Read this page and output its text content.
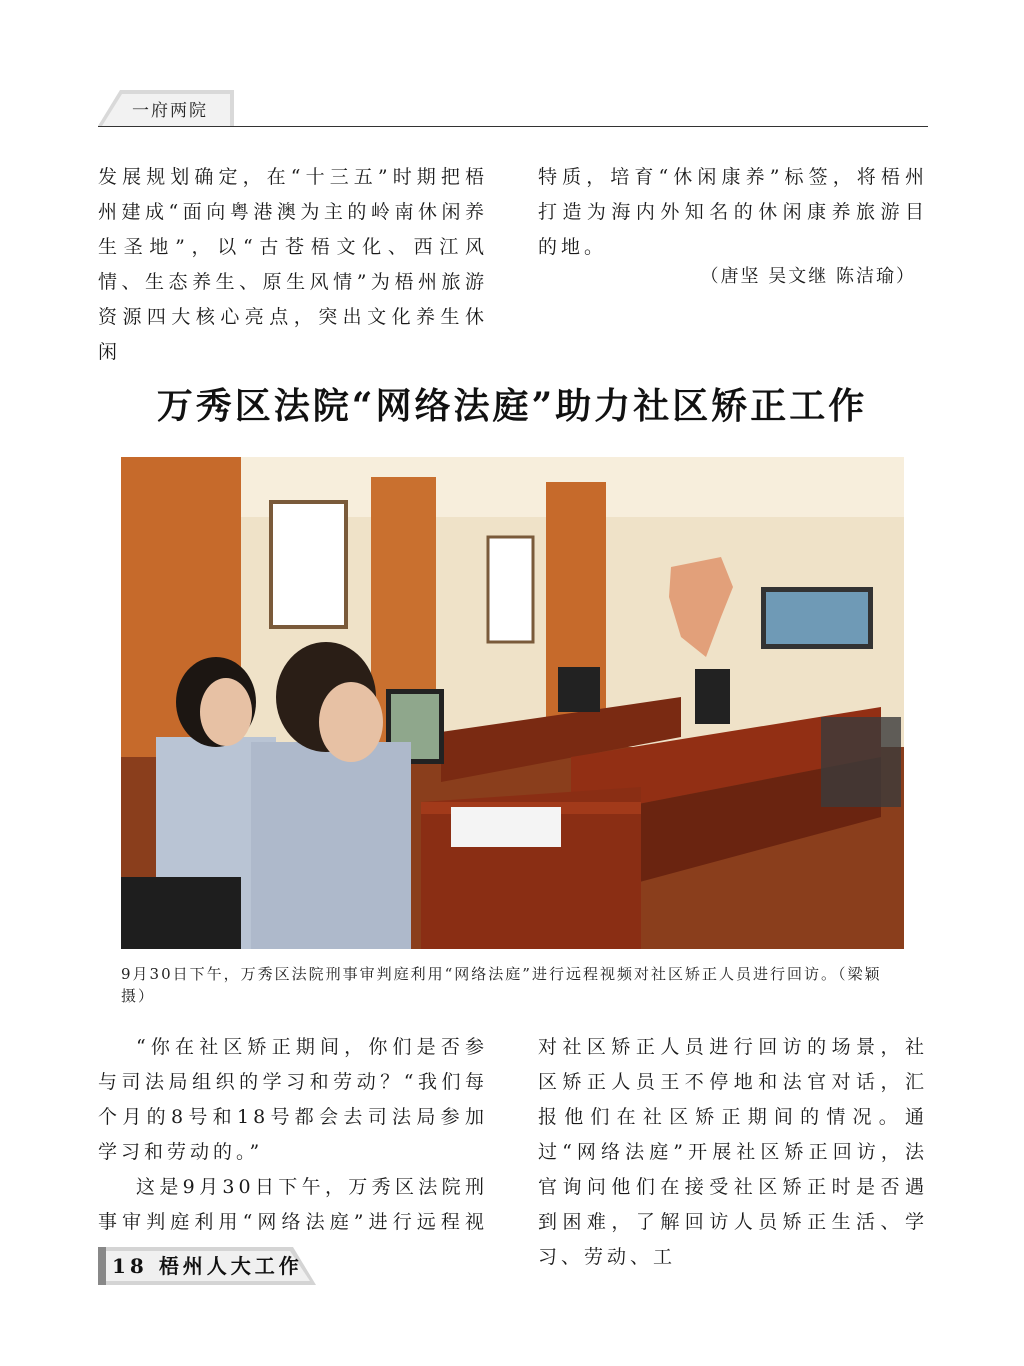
一府两院

发展规划确定，在“十三五”时期把梧州建成“面向粤港澳为主的岭南休闲养生圣地”，以“古苍梧文化、西江风情、生态养生、原生风情”为梧州旅游资源四大核心亮点，突出文化养生休闲

特质，培育“休闲康养”标签，将梧州打造为海内外知名的休闲康养旅游目的地。

（唐坚 吴文继 陈洁瑜）
万秀区法院“网络法庭”助力社区矫正工作
9月30日下午，万秀区法院刑事审判庭利用“网络法庭”进行远程视频对社区矫正人员进行回访。（梁颖 摄）

“你在社区矫正期间，你们是否参与司法局组织的学习和劳动？“我们每个月的8号和18号都会去司法局参加学习和劳动的。”

这是9月30日下午，万秀区法院刑事审判庭利用“网络法庭”进行远程视

对社区矫正人员进行回访的场景，社区矫正人员王不停地和法官对话，汇报他们在社区矫正期间的情况。通过“网络法庭”开展社区矫正回访，法官询问他们在接受社区矫正时是否遇到困难，了解回访人员矫正生活、学习、劳动、工

18 梧州人大工作
